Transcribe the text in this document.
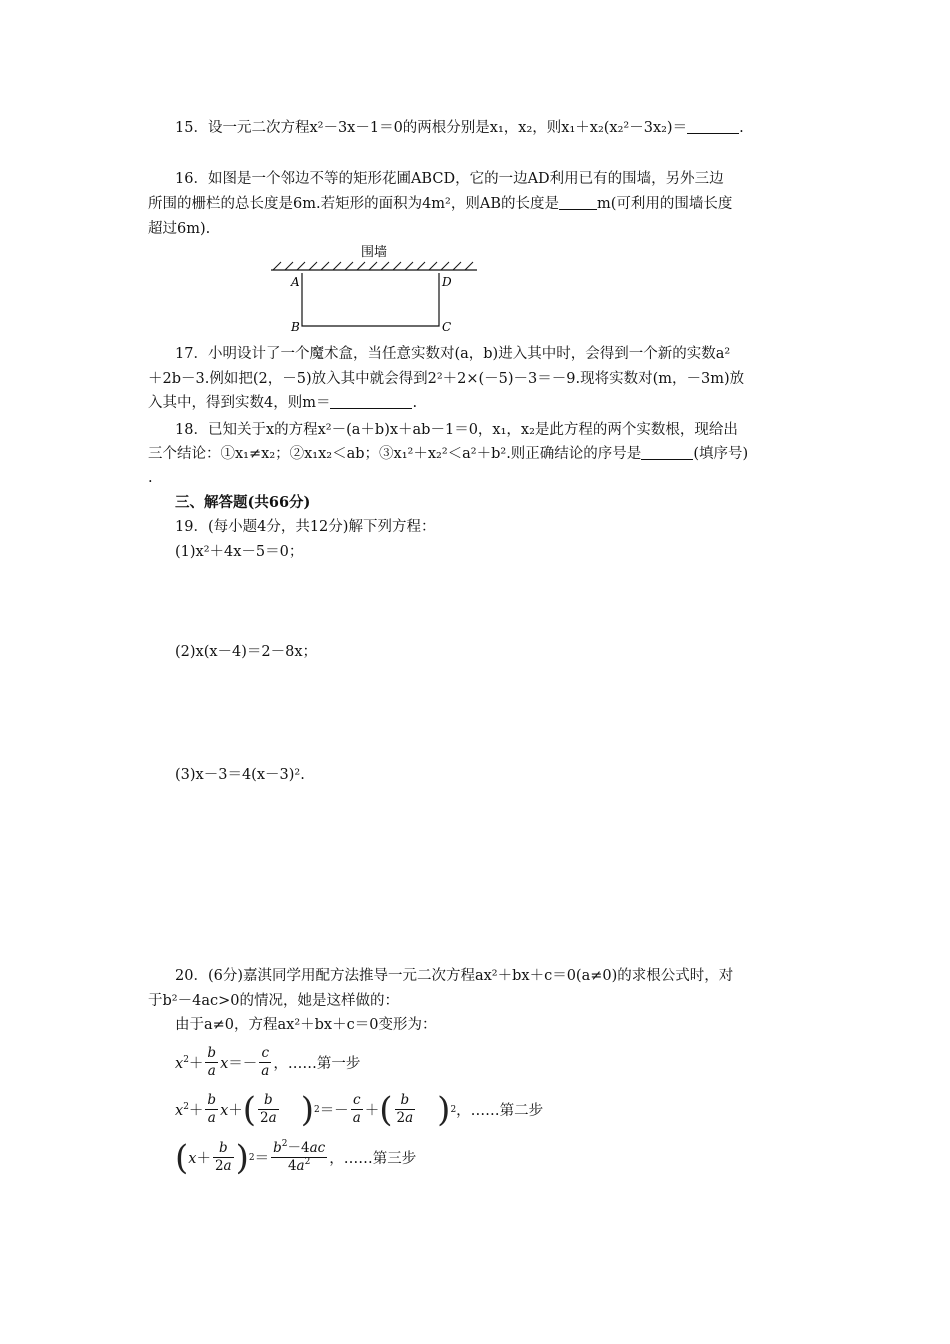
15．设一元二次方程x²－3x－1＝0的两根分别是x₁，x₂，则x₁＋x₂(x₂²－3x₂)＝	.
16．如图是一个邻边不等的矩形花圃ABCD，它的一边AD利用已有的围墙，另外三边
所围的栅栏的总长度是6m.若矩形的面积为4m²，则AB的长度是	m(可利用的围墙长度
超过6m).
围墙
A	D
B	C
17．小明设计了一个魔术盒，当任意实数对(a，b)进入其中时，会得到一个新的实数a²
＋2b－3.例如把(2，－5)放入其中就会得到2²＋2×(－5)－3＝－9.现将实数对(m，－3m)放
入其中，得到实数4，则m＝	.
18．已知关于x的方程x²－(a＋b)x＋ab－1＝0，x₁，x₂是此方程的两个实数根，现给出
三个结论：①x₁≠x₂；②x₁x₂＜ab；③x₁²＋x₂²＜a²＋b².则正确结论的序号是	(填序号)
.
三、解答题(共66分)
19．(每小题4分，共12分)解下列方程：
(1)x²＋4x－5＝0；
(2)x(x－4)＝2－8x；
(3)x－3＝4(x－3)².
20．(6分)嘉淇同学用配方法推导一元二次方程ax²＋bx＋c＝0(a≠0)的求根公式时，对
于b²－4ac>0的情况，她是这样做的：
由于a≠0，方程ax²＋bx＋c＝0变形为：
$x^2+ \frac{b}{a} x=- \frac{c}{a}$ ，……第一步
$x^2+ \frac{b}{a} x+$ ( $\frac{b}{2a}$ ) $2 =- \frac{c}{a}$ ＋ ( $\frac{b}{2a}$ ) 2 ，……第二步
( $x+ \frac{b}{2a}$ ) $2 = \frac{b^2-4ac}{4a^2}$ ，……第三步
